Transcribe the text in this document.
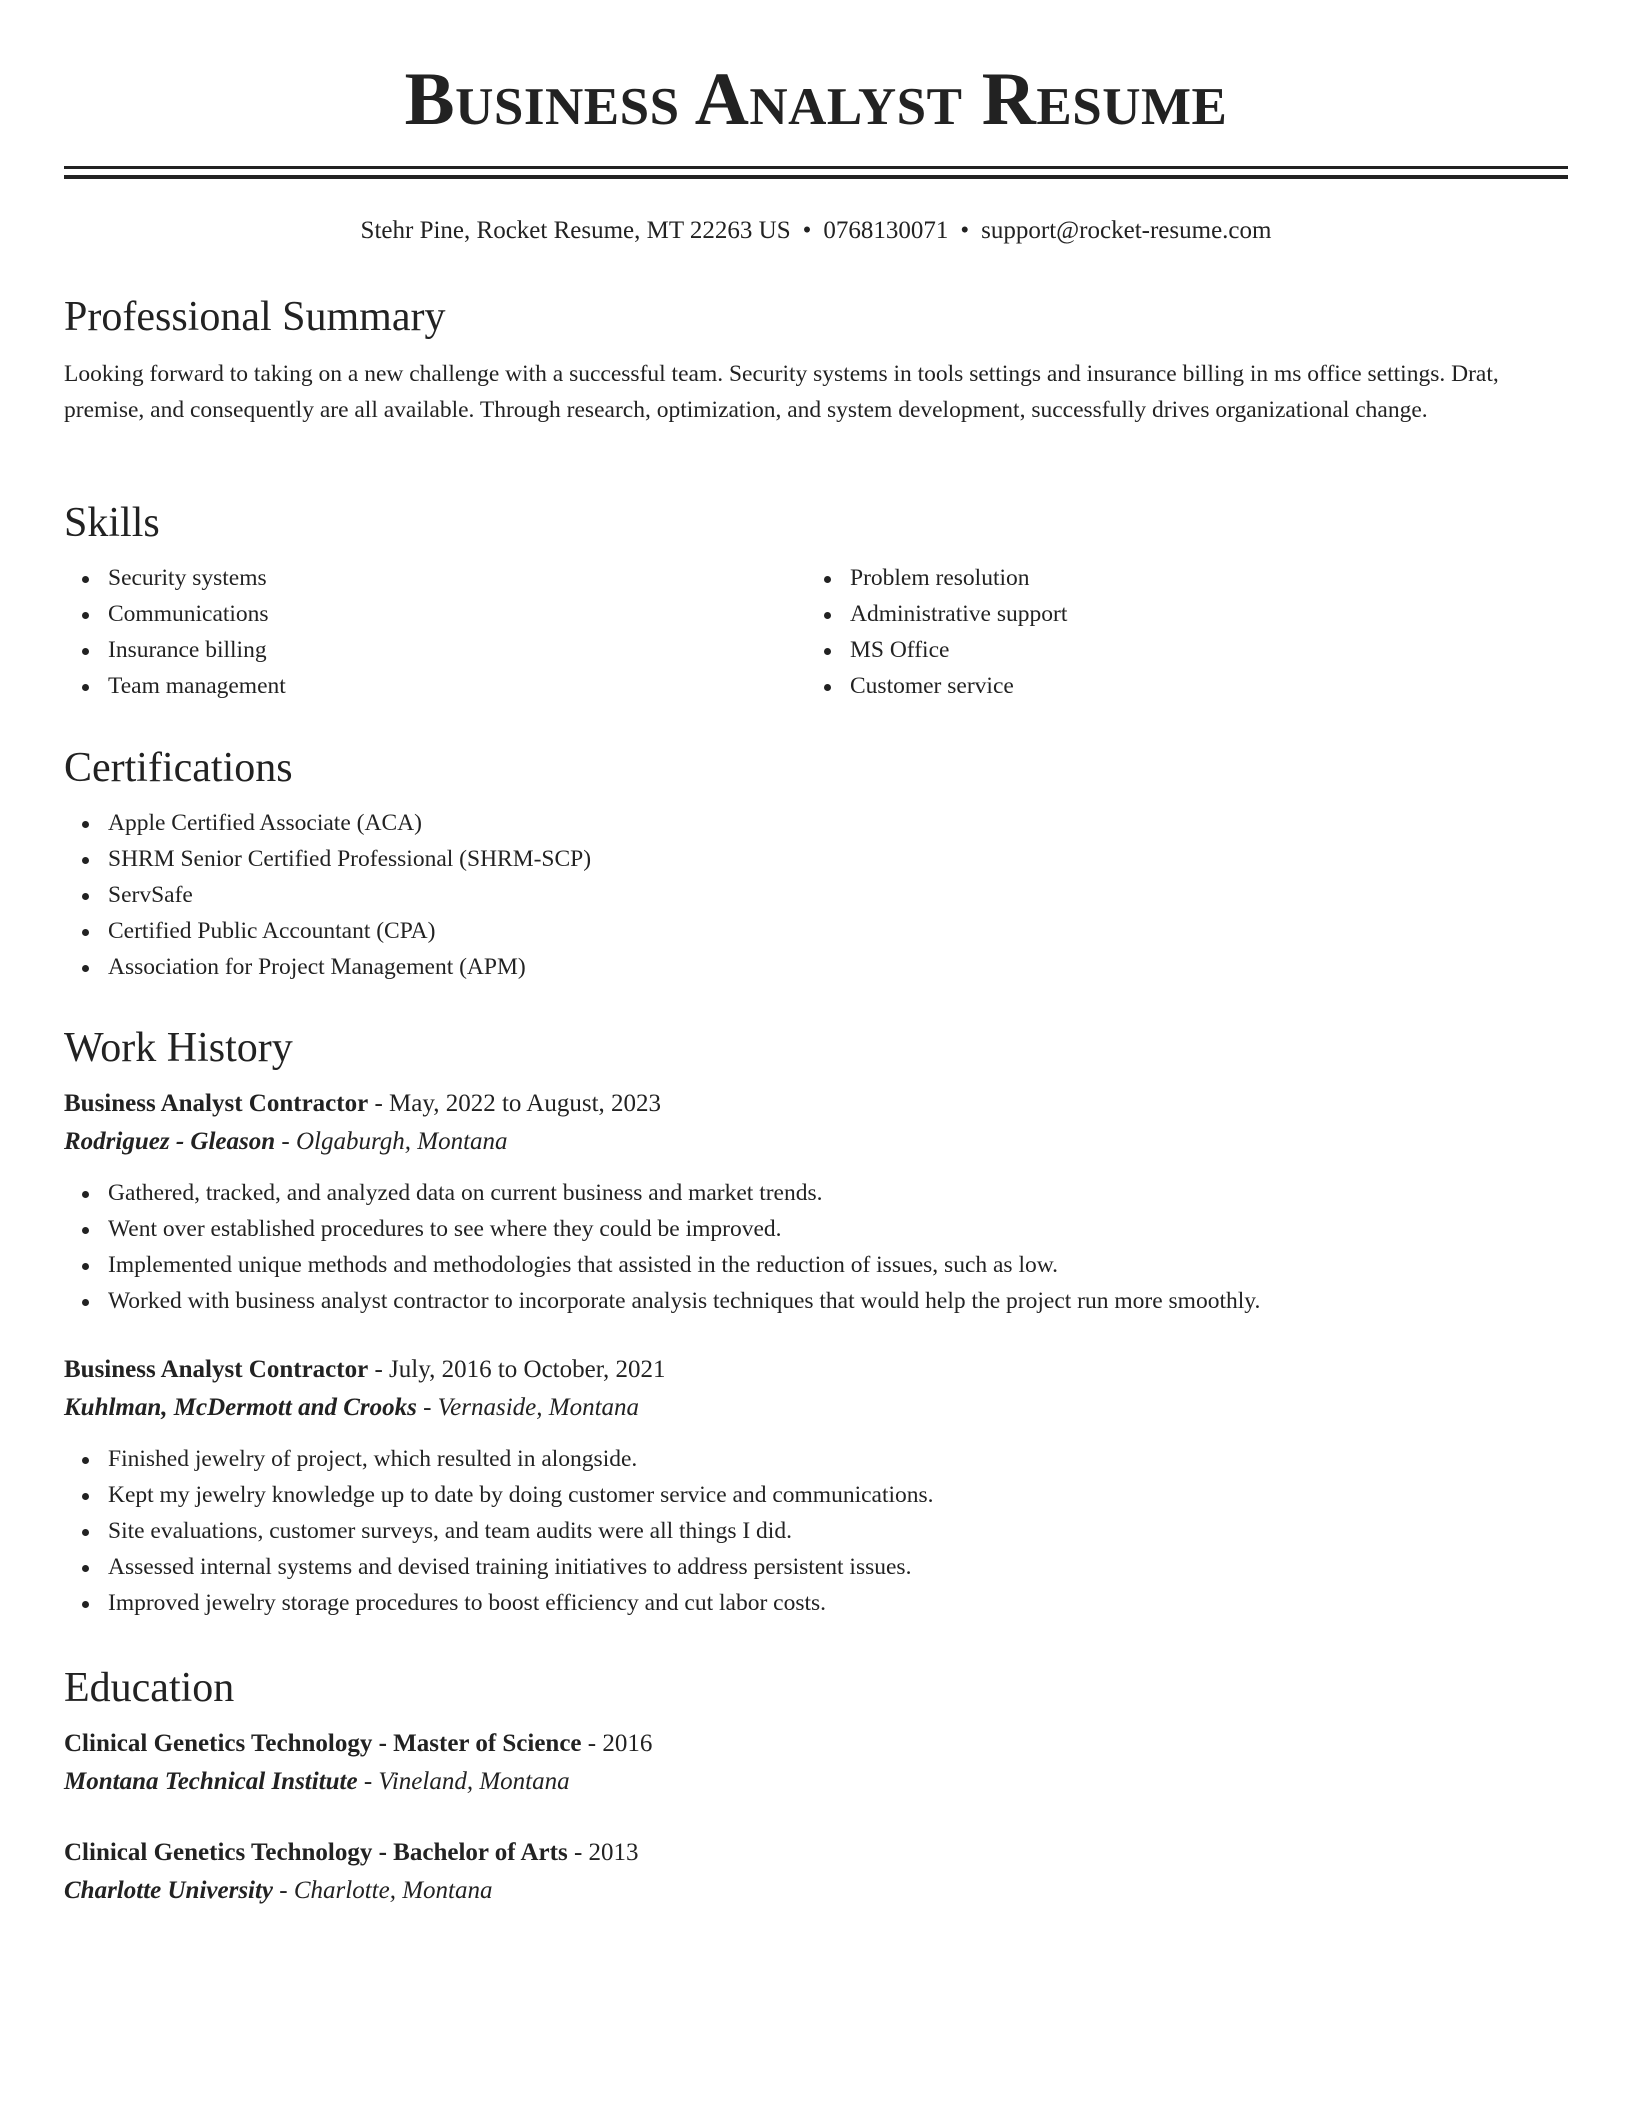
Business Analyst Resume
Stehr Pine, Rocket Resume, MT 22263 US • 0768130071 • support@rocket-resume.com
Professional Summary

Looking forward to taking on a new challenge with a successful team. Security systems in tools settings and insurance billing in ms office settings. Drat, premise, and consequently are all available. Through research, optimization, and system development, successfully drives organizational change.

Skills
Security systems
Communications
Insurance billing
Team management
Problem resolution
Administrative support
MS Office
Customer service
Certifications
Apple Certified Associate (ACA)
SHRM Senior Certified Professional (SHRM-SCP)
ServSafe
Certified Public Accountant (CPA)
Association for Project Management (APM)
Work History
Business Analyst Contractor - May, 2022 to August, 2023
Rodriguez - Gleason - Olgaburgh, Montana
Gathered, tracked, and analyzed data on current business and market trends.
Went over established procedures to see where they could be improved.
Implemented unique methods and methodologies that assisted in the reduction of issues, such as low.
Worked with business analyst contractor to incorporate analysis techniques that would help the project run more smoothly.
Business Analyst Contractor - July, 2016 to October, 2021
Kuhlman, McDermott and Crooks - Vernaside, Montana
Finished jewelry of project, which resulted in alongside.
Kept my jewelry knowledge up to date by doing customer service and communications.
Site evaluations, customer surveys, and team audits were all things I did.
Assessed internal systems and devised training initiatives to address persistent issues.
Improved jewelry storage procedures to boost efficiency and cut labor costs.
Education
Clinical Genetics Technology - Master of Science - 2016
Montana Technical Institute - Vineland, Montana
Clinical Genetics Technology - Bachelor of Arts - 2013
Charlotte University - Charlotte, Montana
